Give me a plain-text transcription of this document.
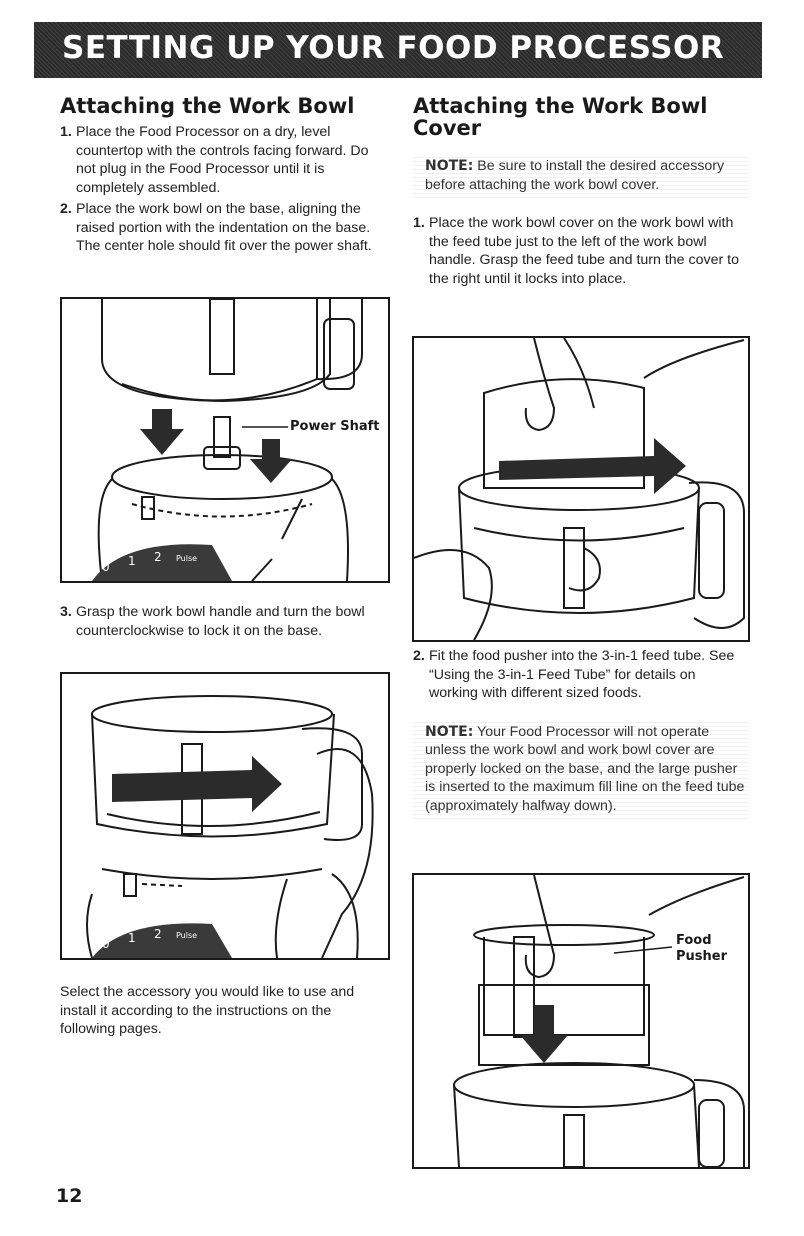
SETTING UP YOUR FOOD PROCESSOR
Attaching the Work Bowl
1. Place the Food Processor on a dry, level countertop with the controls facing forward. Do not plug in the Food Processor until it is completely assembled.
2. Place the work bowl on the base, aligning the raised portion with the indentation on the base. The center hole should fit over the power shaft.
0 1 2 Pulse
Power Shaft
3. Grasp the work bowl handle and turn the bowl counterclockwise to lock it on the base.
0 1 2 Pulse
Select the accessory you would like to use and install it according to the instructions on the following pages.
Attaching the Work Bowl Cover
NOTE: Be sure to install the desired accessory before attaching the work bowl cover.
1. Place the work bowl cover on the work bowl with the feed tube just to the left of the work bowl handle. Grasp the feed tube and turn the cover to the right until it locks into place.
2. Fit the food pusher into the 3-in-1 feed tube. See “Using the 3-in-1 Feed Tube” for details on working with different sized foods.
NOTE: Your Food Processor will not operate unless the work bowl and work bowl cover are properly locked on the base, and the large pusher is inserted to the maximum fill line on the feed tube (approximately halfway down).
Food Pusher
12
